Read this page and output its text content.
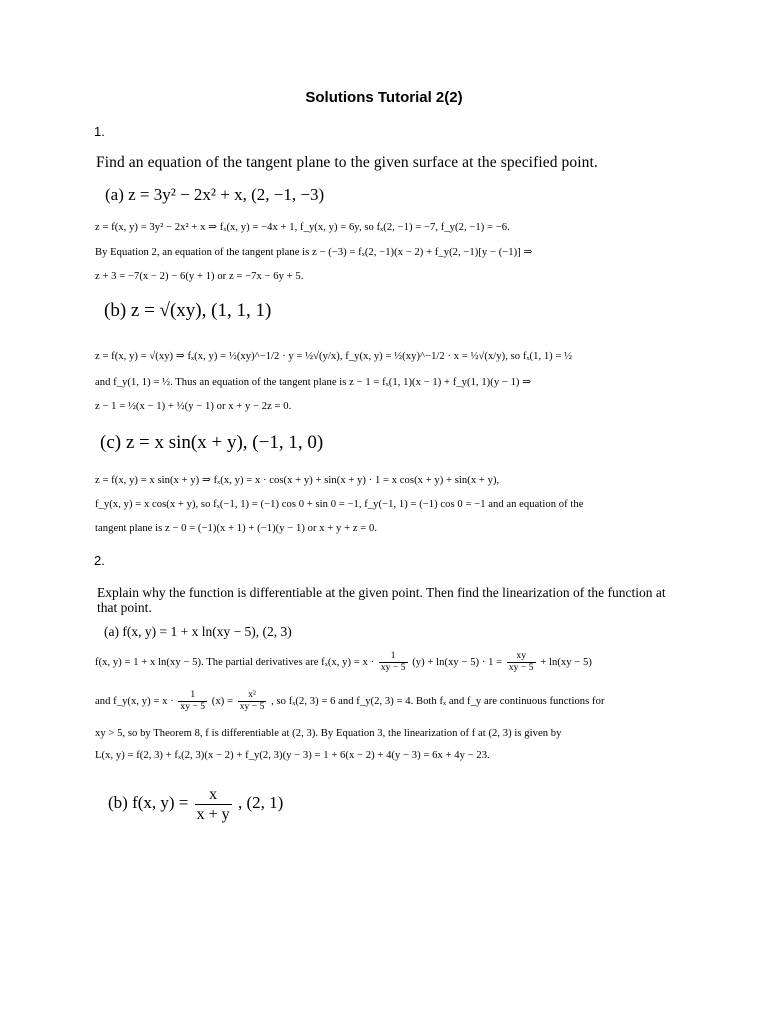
Solutions Tutorial 2(2)
1.
Find an equation of the tangent plane to the given surface at the specified point.
(a) z = 3y² − 2x² + x, (2, −1, −3)
z = f(x, y) = 3y² − 2x² + x ⇒ fₓ(x, y) = −4x + 1, f_y(x, y) = 6y, so fₓ(2, −1) = −7, f_y(2, −1) = −6.
By Equation 2, an equation of the tangent plane is z − (−3) = fₓ(2, −1)(x − 2) + f_y(2, −1)[y − (−1)] ⇒
z + 3 = −7(x − 2) − 6(y + 1) or z = −7x − 6y + 5.
(b) z = √(xy), (1, 1, 1)
z = f(x, y) = √(xy) ⇒ fₓ(x, y) = ½(xy)^−1/2 · y = ½√(y/x), f_y(x, y) = ½(xy)^−1/2 · x = ½√(x/y), so fₓ(1, 1) = ½
and f_y(1, 1) = ½. Thus an equation of the tangent plane is z − 1 = fₓ(1, 1)(x − 1) + f_y(1, 1)(y − 1) ⇒
z − 1 = ½(x − 1) + ½(y − 1) or x + y − 2z = 0.
(c) z = x sin(x + y), (−1, 1, 0)
z = f(x, y) = x sin(x + y) ⇒ fₓ(x, y) = x · cos(x + y) + sin(x + y) · 1 = x cos(x + y) + sin(x + y),
f_y(x, y) = x cos(x + y), so fₓ(−1, 1) = (−1) cos 0 + sin 0 = −1, f_y(−1, 1) = (−1) cos 0 = −1 and an equation of the
tangent plane is z − 0 = (−1)(x + 1) + (−1)(y − 1) or x + y + z = 0.
2.
Explain why the function is differentiable at the given point. Then find the linearization of the function at that point.
(a) f(x, y) = 1 + x ln(xy − 5), (2, 3)
f(x, y) = 1 + x ln(xy − 5). The partial derivatives are fₓ(x, $y) = x \cdot \frac{1}{xy - 5} (y) + \ln(xy - 5) \cdot 1 = \frac{xy}{xy - 5} + \ln(xy - 5)$
and f_y(x, $y) = x \cdot \frac{1}{xy - 5} (x) = \frac{\text{x²}}{xy - 5}$ , so fₓ(2, 3) = 6 and f_y(2, 3) = 4. Both fₓ and f_y are continuous functions for
xy > 5, so by Theorem 8, f is differentiable at (2, 3). By Equation 3, the linearization of f at (2, 3) is given by
L(x, y) = f(2, 3) + fₓ(2, 3)(x − 2) + f_y(2, 3)(y − 3) = 1 + 6(x − 2) + 4(y − 3) = 6x + 4y − 23.
(b) f(x, $y) = \frac{x}{x + y}$ , (2, 1)
